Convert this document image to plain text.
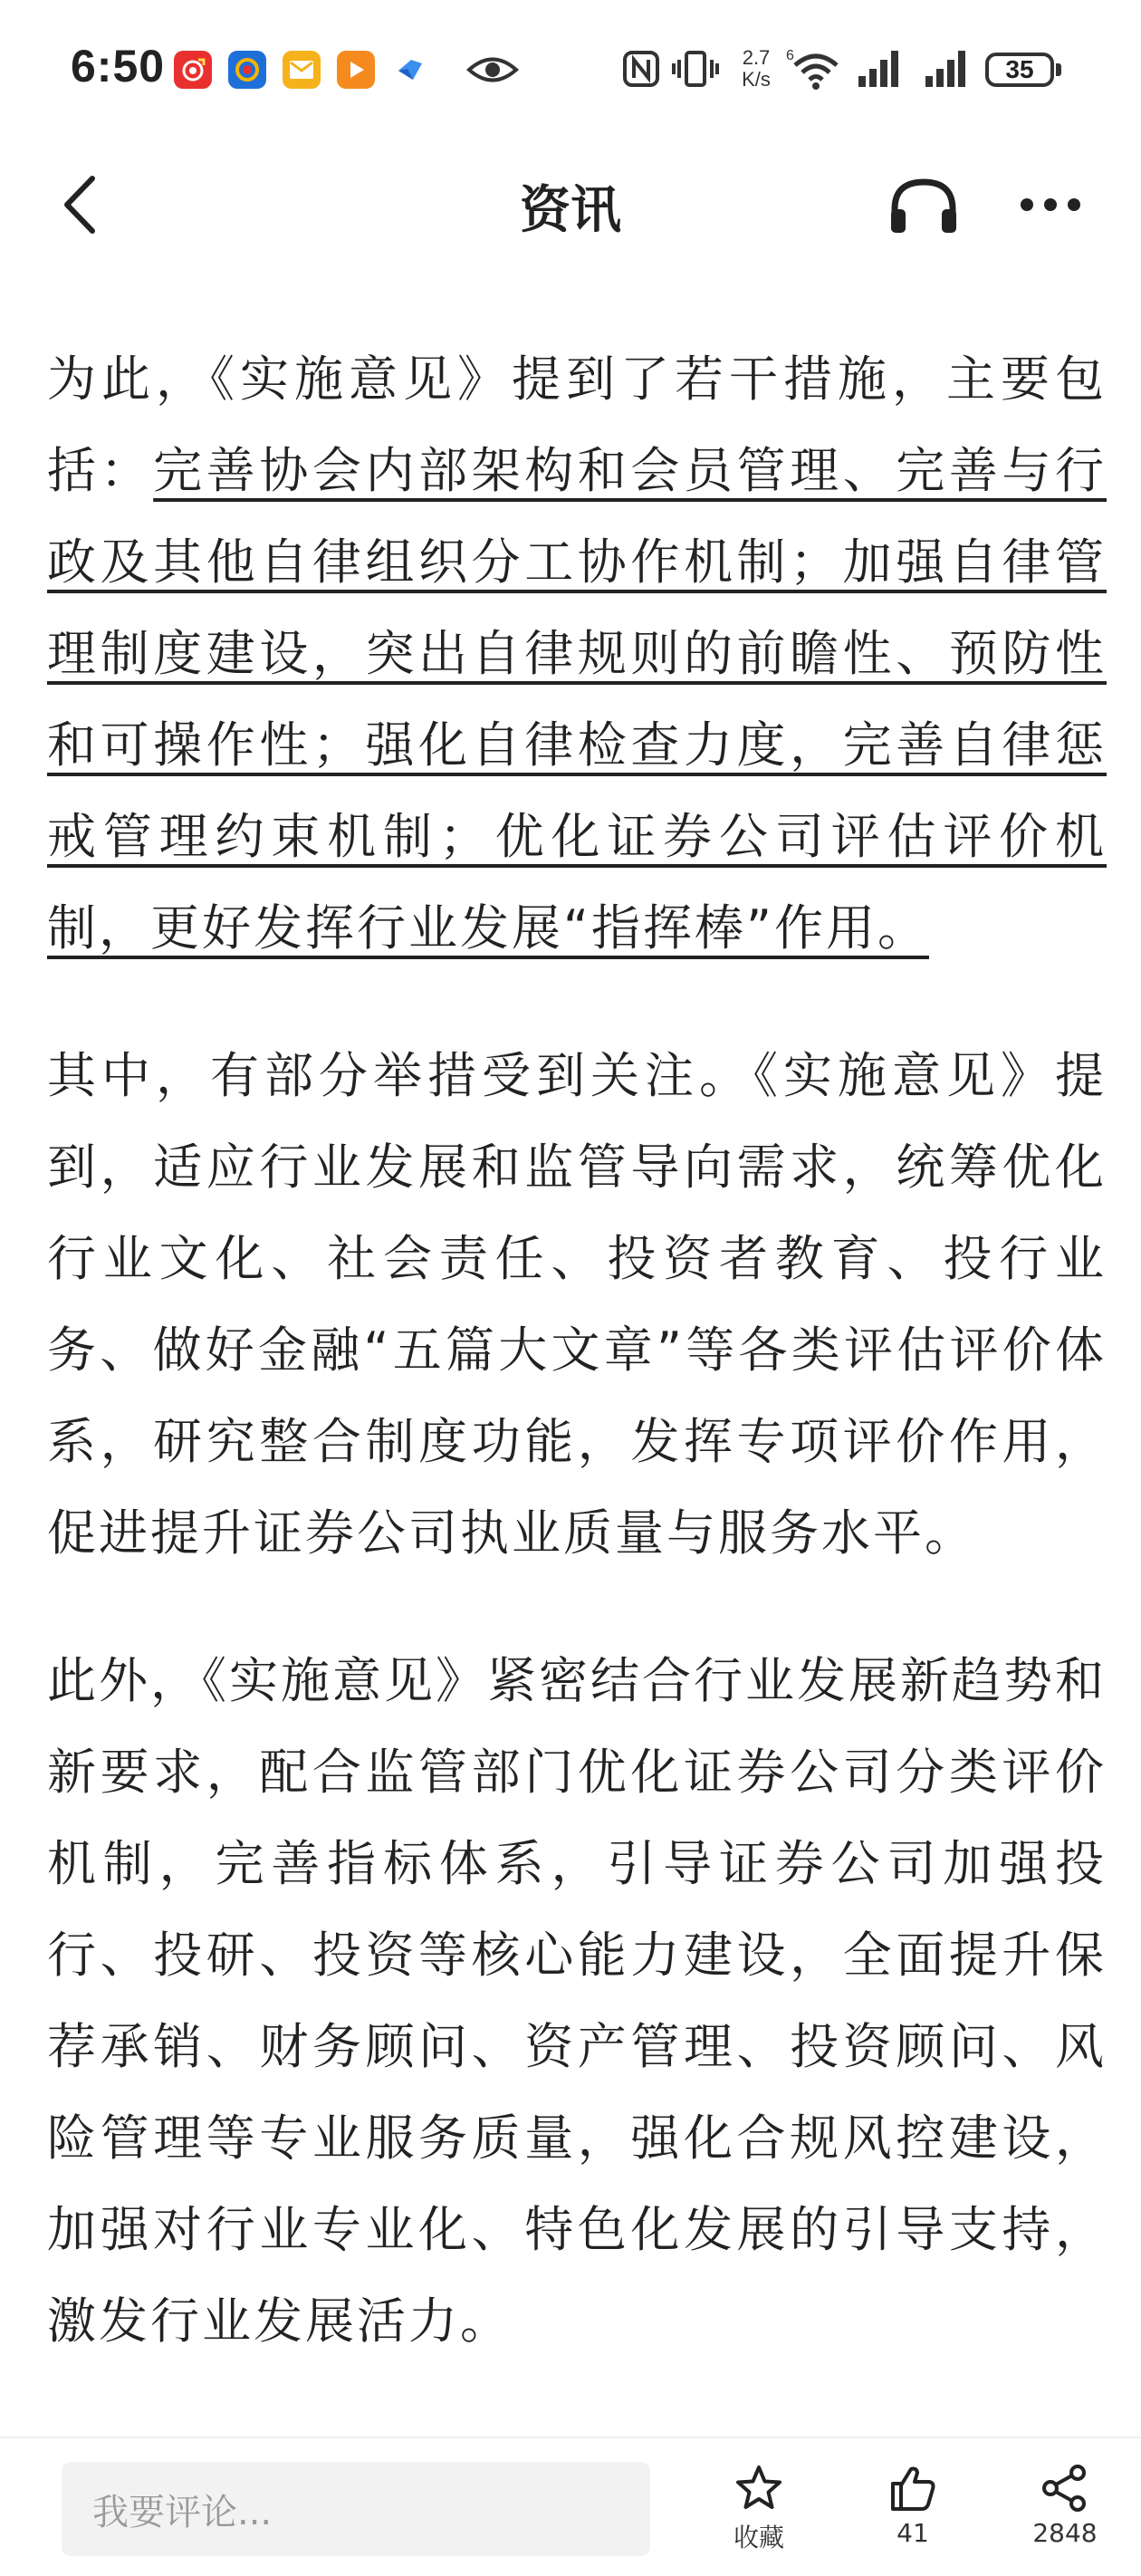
6:50	2.7
K/s
6	35
资讯

为此，《实施意见》提到了若干措施，主要包括：完善协会内部架构和会员管理、完善与行政及其他自律组织分工协作机制；加强自律管理制度建设，突出自律规则的前瞻性、预防性和可操作性；强化自律检查力度，完善自律惩戒管理约束机制；优化证券公司评估评价机制，更好发挥行业发展“指挥棒”作用。

其中，有部分举措受到关注。《实施意见》提到，适应行业发展和监管导向需求，统筹优化行业文化、社会责任、投资者教育、投行业务、做好金融“五篇大文章”等各类评估评价体系，研究整合制度功能，发挥专项评价作用，促进提升证券公司执业质量与服务水平。

此外，《实施意见》紧密结合行业发展新趋势和新要求，配合监管部门优化证券公司分类评价机制，完善指标体系，引导证券公司加强投行、投研、投资等核心能力建设，全面提升保荐承销、财务顾问、资产管理、投资顾问、风险管理等专业服务质量，强化合规风控建设，加强对行业专业化、特色化发展的引导支持，激发行业发展活力。

我要评论...
收藏	41	2848
